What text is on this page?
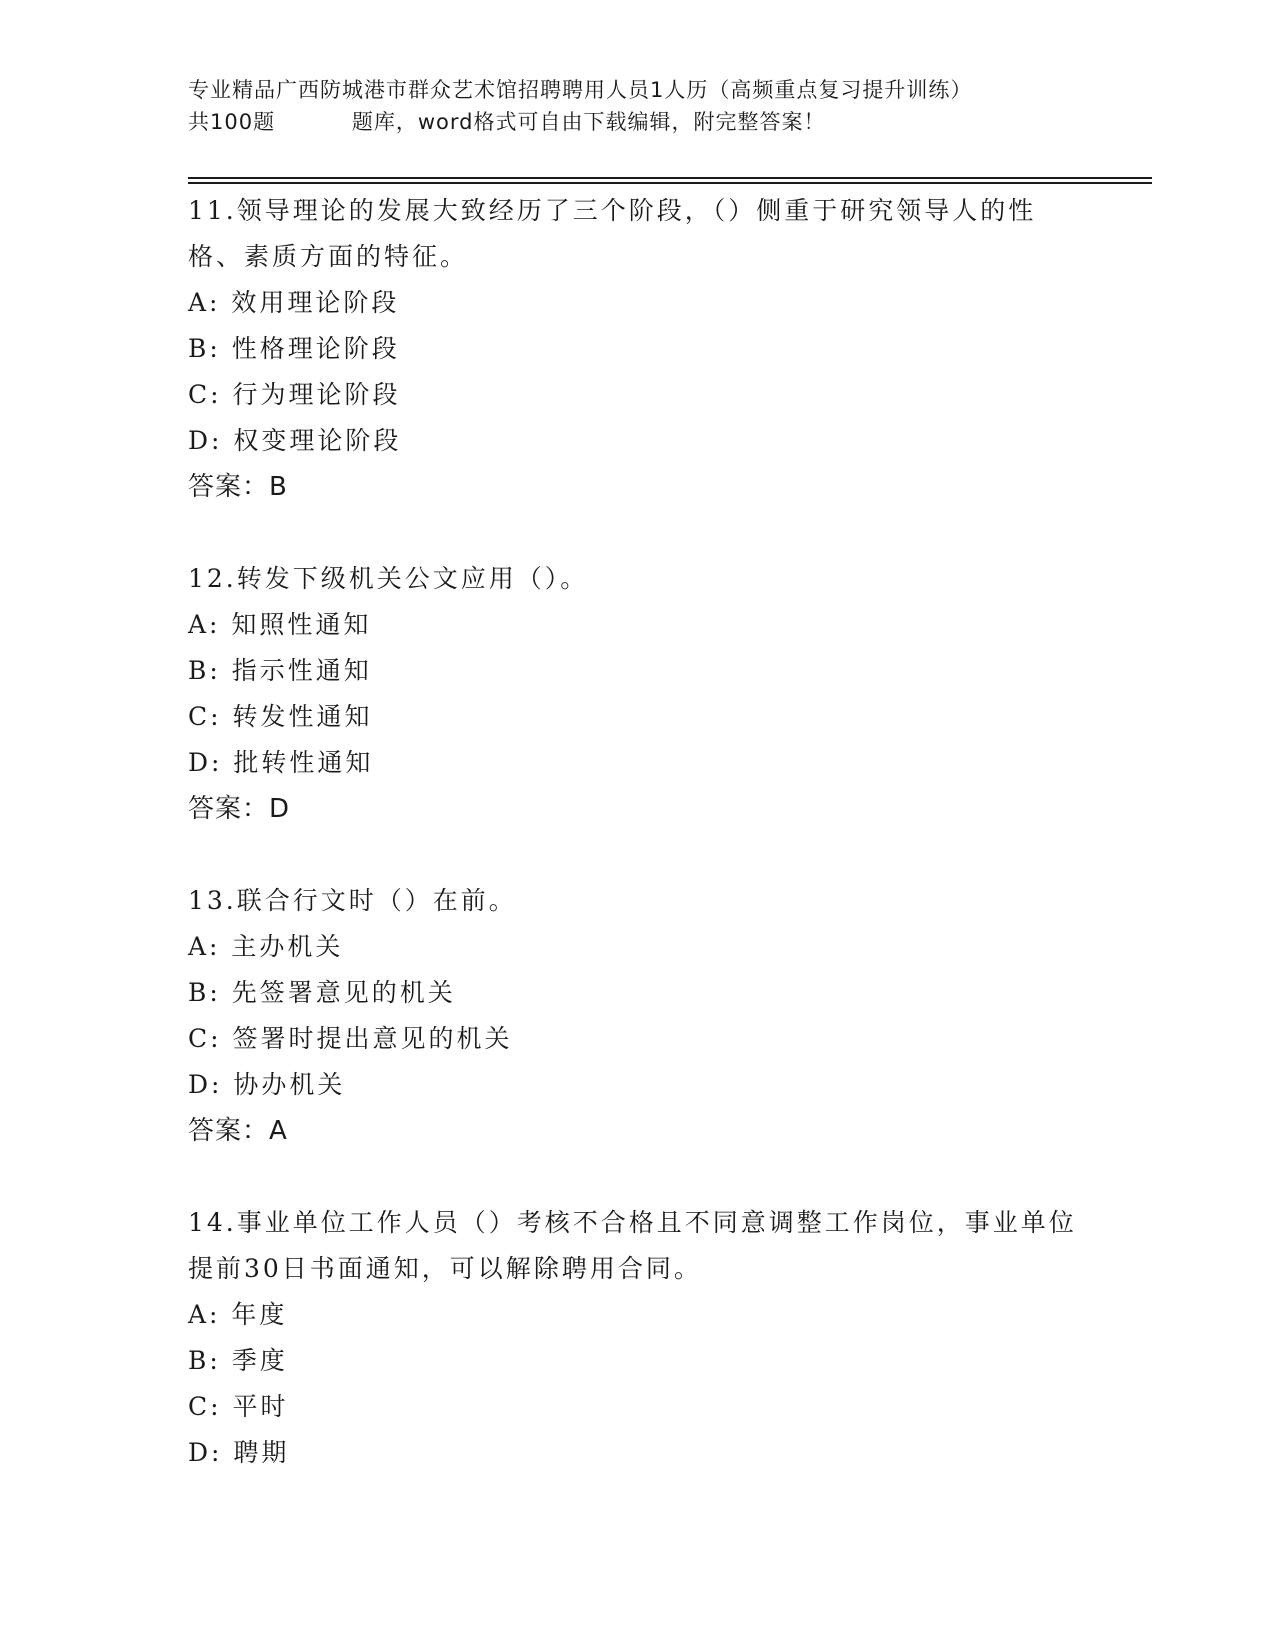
专业精品广西防城港市群众艺术馆招聘聘用人员1人历（高频重点复习提升训练）
共100题          题库，word格式可自由下载编辑，附完整答案！

11.领导理论的发展大致经历了三个阶段，（）侧重于研究领导人的性格、素质方面的特征。

A: 效用理论阶段

B: 性格理论阶段

C: 行为理论阶段

D: 权变理论阶段

答案：B

12.转发下级机关公文应用（）。

A: 知照性通知

B: 指示性通知

C: 转发性通知

D: 批转性通知

答案：D

13.联合行文时（）在前。

A: 主办机关

B: 先签署意见的机关

C: 签署时提出意见的机关

D: 协办机关

答案：A

14.事业单位工作人员（）考核不合格且不同意调整工作岗位，事业单位提前30日书面通知，可以解除聘用合同。

A: 年度

B: 季度

C: 平时

D: 聘期
